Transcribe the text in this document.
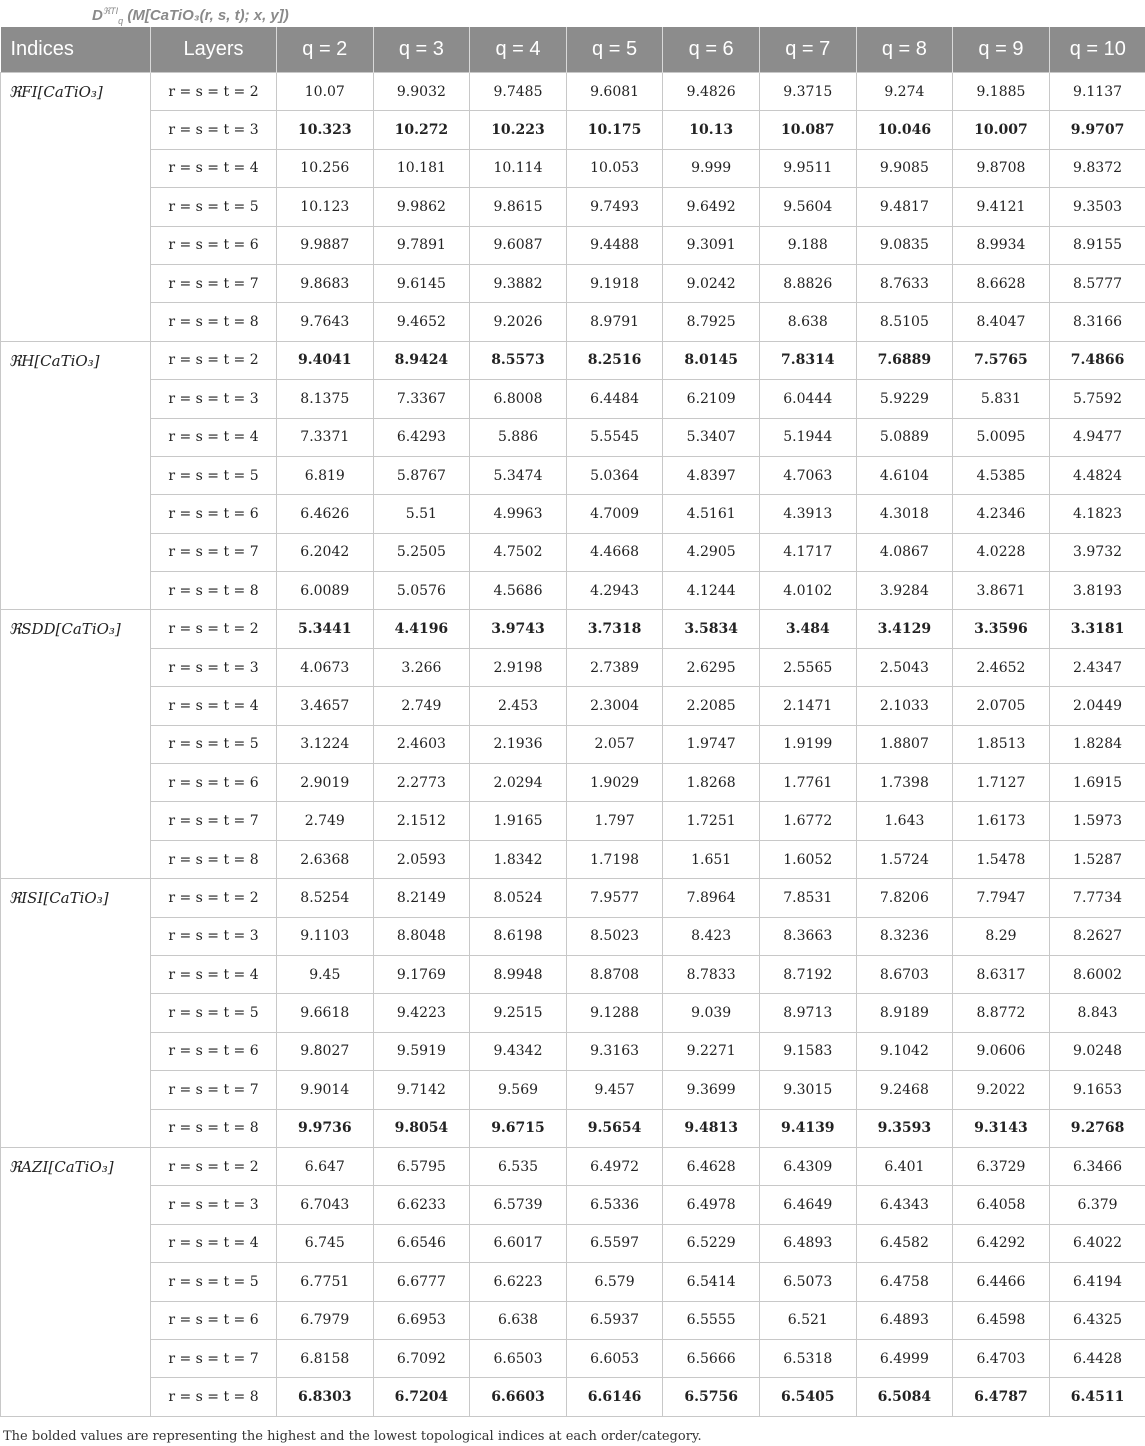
$D^{ℜTI}_q$ (M[CaTiO₃(r, s, t); x, y])
Indices	Layers	q = 2	q = 3	q = 4	q = 5	q = 6	q = 7	q = 8	q = 9	q = 10
ℜFI[CaTiO₃]	r = s = t = 2	10.07	9.9032	9.7485	9.6081	9.4826	9.3715	9.274	9.1885	9.1137
	r = s = t = 3	10.323	10.272	10.223	10.175	10.13	10.087	10.046	10.007	9.9707
	r = s = t = 4	10.256	10.181	10.114	10.053	9.999	9.9511	9.9085	9.8708	9.8372
	r = s = t = 5	10.123	9.9862	9.8615	9.7493	9.6492	9.5604	9.4817	9.4121	9.3503
	r = s = t = 6	9.9887	9.7891	9.6087	9.4488	9.3091	9.188	9.0835	8.9934	8.9155
	r = s = t = 7	9.8683	9.6145	9.3882	9.1918	9.0242	8.8826	8.7633	8.6628	8.5777
	r = s = t = 8	9.7643	9.4652	9.2026	8.9791	8.7925	8.638	8.5105	8.4047	8.3166
ℜH[CaTiO₃]	r = s = t = 2	9.4041	8.9424	8.5573	8.2516	8.0145	7.8314	7.6889	7.5765	7.4866
	r = s = t = 3	8.1375	7.3367	6.8008	6.4484	6.2109	6.0444	5.9229	5.831	5.7592
	r = s = t = 4	7.3371	6.4293	5.886	5.5545	5.3407	5.1944	5.0889	5.0095	4.9477
	r = s = t = 5	6.819	5.8767	5.3474	5.0364	4.8397	4.7063	4.6104	4.5385	4.4824
	r = s = t = 6	6.4626	5.51	4.9963	4.7009	4.5161	4.3913	4.3018	4.2346	4.1823
	r = s = t = 7	6.2042	5.2505	4.7502	4.4668	4.2905	4.1717	4.0867	4.0228	3.9732
	r = s = t = 8	6.0089	5.0576	4.5686	4.2943	4.1244	4.0102	3.9284	3.8671	3.8193
ℜSDD[CaTiO₃]	r = s = t = 2	5.3441	4.4196	3.9743	3.7318	3.5834	3.484	3.4129	3.3596	3.3181
	r = s = t = 3	4.0673	3.266	2.9198	2.7389	2.6295	2.5565	2.5043	2.4652	2.4347
	r = s = t = 4	3.4657	2.749	2.453	2.3004	2.2085	2.1471	2.1033	2.0705	2.0449
	r = s = t = 5	3.1224	2.4603	2.1936	2.057	1.9747	1.9199	1.8807	1.8513	1.8284
	r = s = t = 6	2.9019	2.2773	2.0294	1.9029	1.8268	1.7761	1.7398	1.7127	1.6915
	r = s = t = 7	2.749	2.1512	1.9165	1.797	1.7251	1.6772	1.643	1.6173	1.5973
	r = s = t = 8	2.6368	2.0593	1.8342	1.7198	1.651	1.6052	1.5724	1.5478	1.5287
ℜISI[CaTiO₃]	r = s = t = 2	8.5254	8.2149	8.0524	7.9577	7.8964	7.8531	7.8206	7.7947	7.7734
	r = s = t = 3	9.1103	8.8048	8.6198	8.5023	8.423	8.3663	8.3236	8.29	8.2627
	r = s = t = 4	9.45	9.1769	8.9948	8.8708	8.7833	8.7192	8.6703	8.6317	8.6002
	r = s = t = 5	9.6618	9.4223	9.2515	9.1288	9.039	8.9713	8.9189	8.8772	8.843
	r = s = t = 6	9.8027	9.5919	9.4342	9.3163	9.2271	9.1583	9.1042	9.0606	9.0248
	r = s = t = 7	9.9014	9.7142	9.569	9.457	9.3699	9.3015	9.2468	9.2022	9.1653
	r = s = t = 8	9.9736	9.8054	9.6715	9.5654	9.4813	9.4139	9.3593	9.3143	9.2768
ℜAZI[CaTiO₃]	r = s = t = 2	6.647	6.5795	6.535	6.4972	6.4628	6.4309	6.401	6.3729	6.3466
	r = s = t = 3	6.7043	6.6233	6.5739	6.5336	6.4978	6.4649	6.4343	6.4058	6.379
	r = s = t = 4	6.745	6.6546	6.6017	6.5597	6.5229	6.4893	6.4582	6.4292	6.4022
	r = s = t = 5	6.7751	6.6777	6.6223	6.579	6.5414	6.5073	6.4758	6.4466	6.4194
	r = s = t = 6	6.7979	6.6953	6.638	6.5937	6.5555	6.521	6.4893	6.4598	6.4325
	r = s = t = 7	6.8158	6.7092	6.6503	6.6053	6.5666	6.5318	6.4999	6.4703	6.4428
	r = s = t = 8	6.8303	6.7204	6.6603	6.6146	6.5756	6.5405	6.5084	6.4787	6.4511
The bolded values are representing the highest and the lowest topological indices at each order/category.
